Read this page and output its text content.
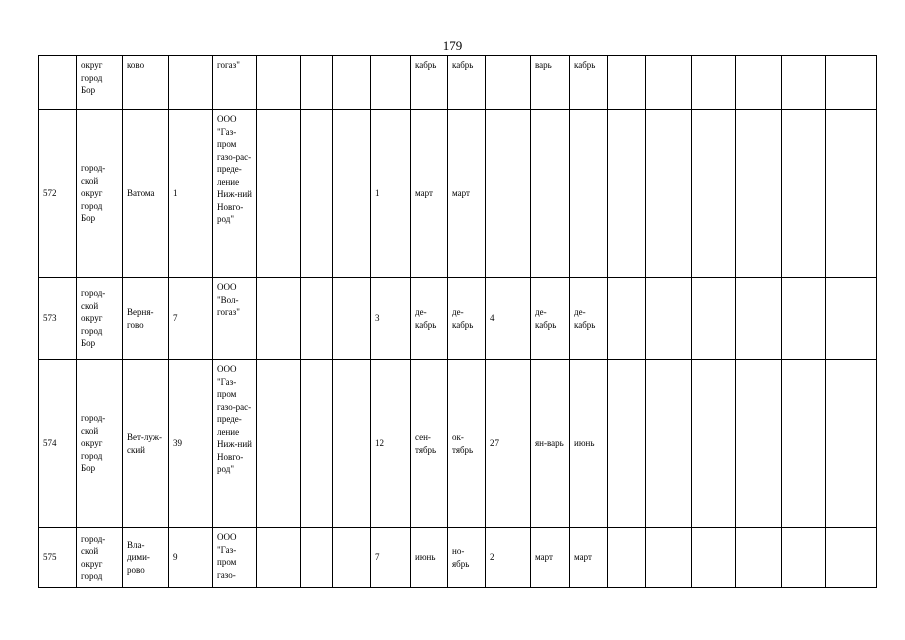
179
	округ город Бор	ково		гогаз"					кабрь	кабрь		варь	кабрь						
572	город-ской округ город Бор	Ватома	1	ООО "Газ-пром газо-рас-преде-ление Ниж-ний Новго-род"				1	март	март									
573	город-ской округ город Бор	Верня-гово	7	ООО "Вол-гогаз"				3	де-кабрь	де-кабрь	4	де-кабрь	де-кабрь						
574	город-ской округ город Бор	Вет-луж-ский	39	ООО "Газ-пром газо-рас-преде-ление Ниж-ний Новго-род"				12	сен-тябрь	ок-тябрь	27	ян-варь	июнь						
575	город-ской округ город	Вла-дими-рово	9	ООО "Газ-пром газо-				7	июнь	но-ябрь	2	март	март						
